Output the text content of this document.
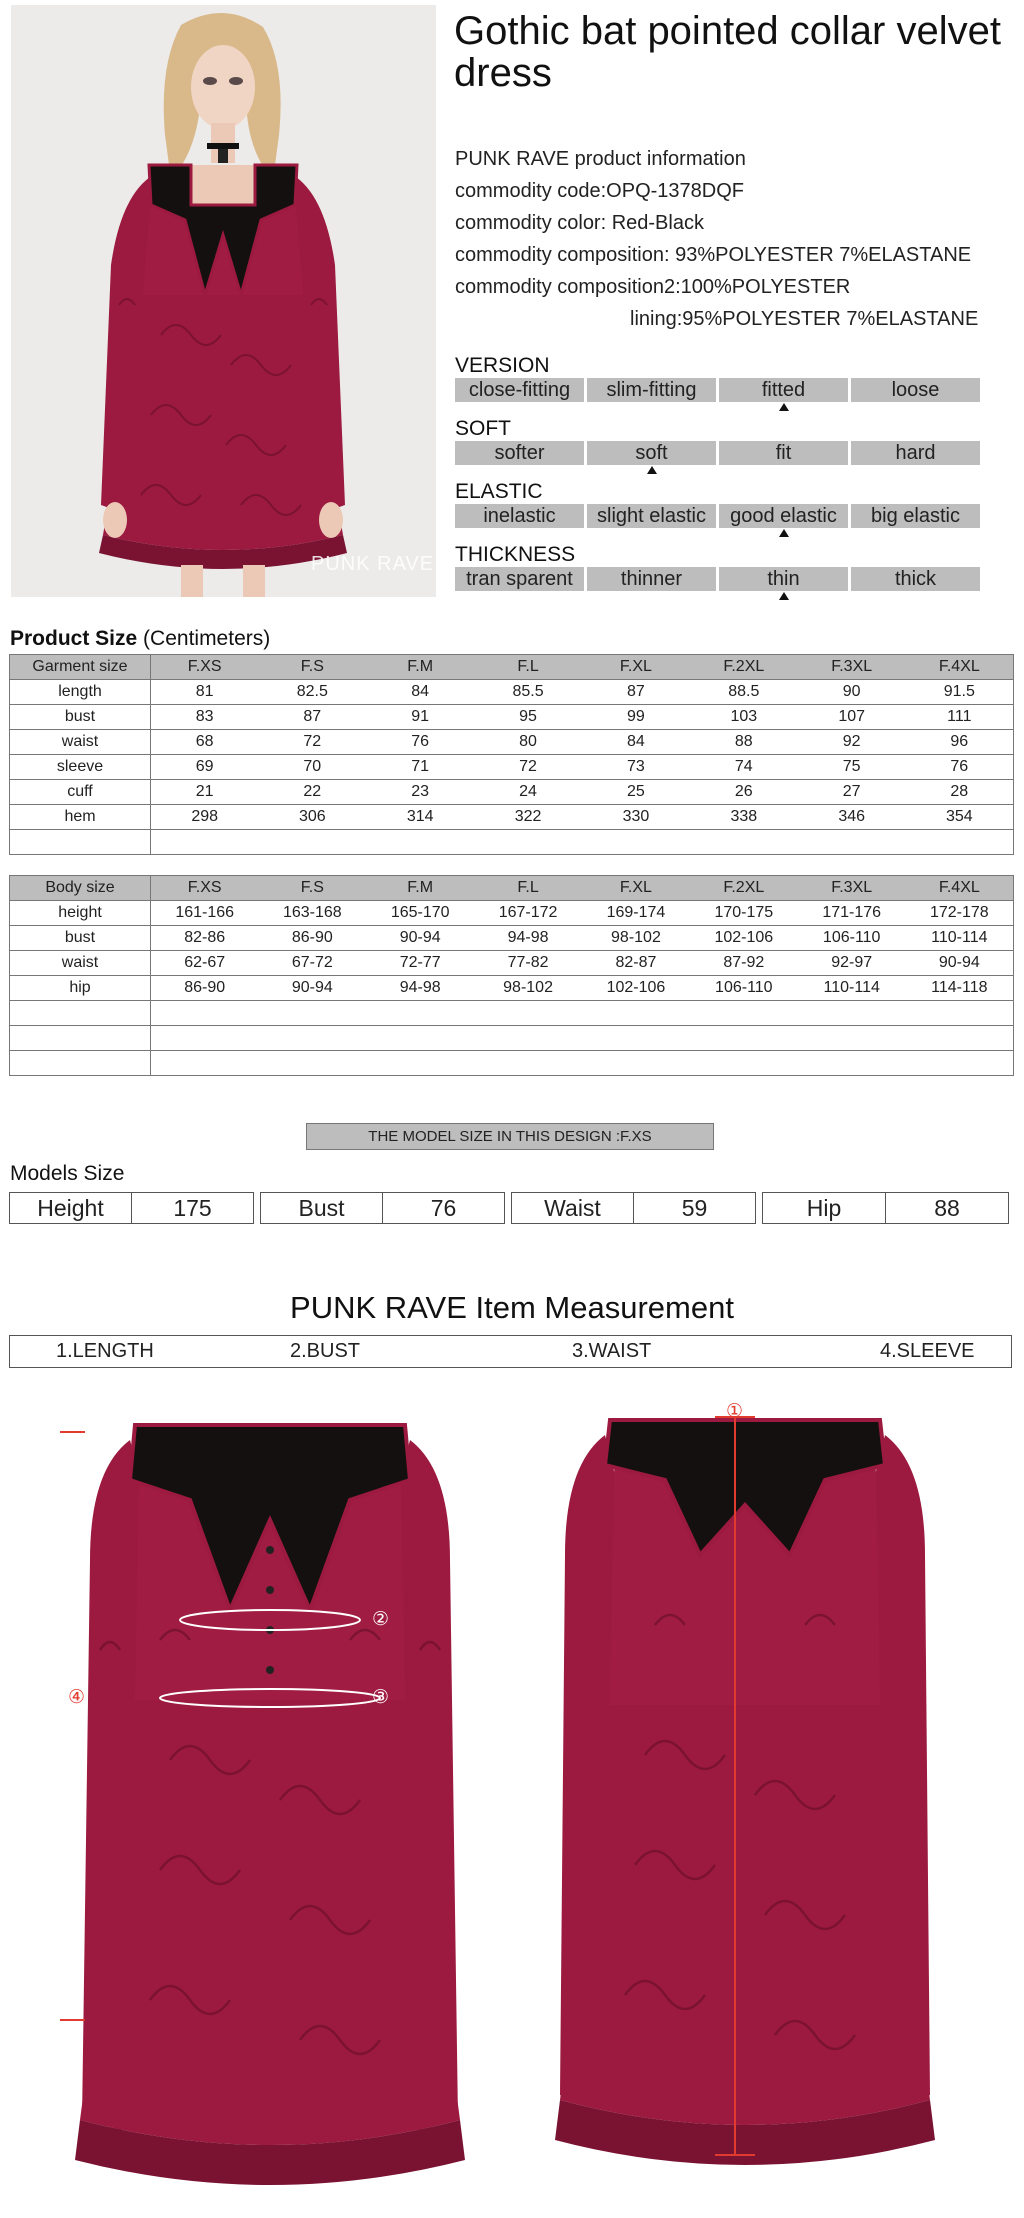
PUNK RAVE
Gothic bat pointed collar velvet dress
PUNK RAVE product information
commodity code:OPQ-1378DQF
commodity color: Red-Black
commodity composition: 93%POLYESTER 7%ELASTANE
commodity composition2:100%POLYESTER
lining:95%POLYESTER 7%ELASTANE
VERSION
close-fitting	slim-fitting	fitted	loose
SOFT
softer	soft	fit	hard
ELASTIC
inelastic	slight elastic	good elastic	big elastic
THICKNESS
tran sparent	thinner	thin	thick
Product Size (Centimeters)
Garment size	F.XS	F.S	F.M	F.L	F.XL	F.2XL	F.3XL	F.4XL
length	81	82.5	84	85.5	87	88.5	90	91.5
bust	83	87	91	95	99	103	107	111
waist	68	72	76	80	84	88	92	96
sleeve	69	70	71	72	73	74	75	76
cuff	21	22	23	24	25	26	27	28
hem	298	306	314	322	330	338	346	354

Body size	F.XS	F.S	F.M	F.L	F.XL	F.2XL	F.3XL	F.4XL
height	161-166	163-168	165-170	167-172	169-174	170-175	171-176	172-178
bust	82-86	86-90	90-94	94-98	98-102	102-106	106-110	110-114
waist	62-67	67-72	72-77	77-82	82-87	87-92	92-97	90-94
hip	86-90	90-94	94-98	98-102	102-106	106-110	110-114	114-118

THE MODEL SIZE IN THIS DESIGN :F.XS
Models Size
Height	175	Bust	76	Waist	59	Hip	88
PUNK RAVE Item Measurement
1.LENGTH	2.BUST	3.WAIST	4.SLEEVE
②
③
④
①
